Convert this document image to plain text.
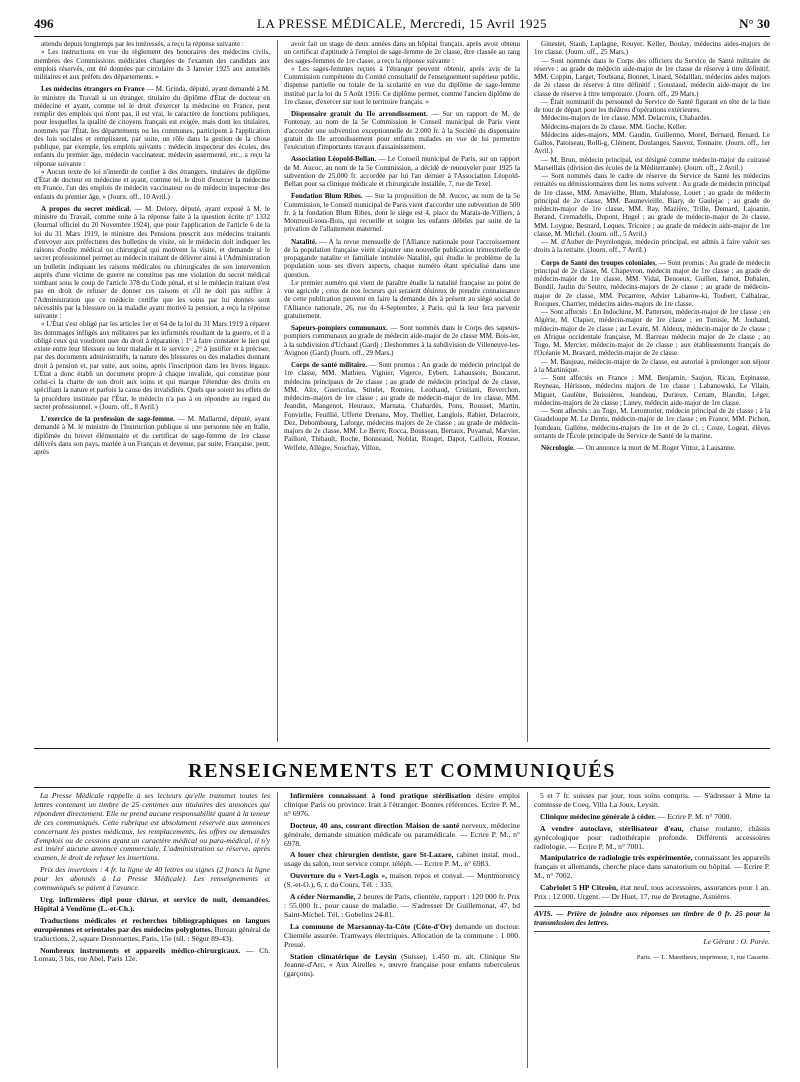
496	LA PRESSE MÉDICALE, Mercredi, 15 Avril 1925	N° 30

attendu depuis longtemps par les intéressés, a reçu la réponse suivante :

« Les instructions en vue du règlement des honoraires des médecins civils, membres des Commissions médicales chargées de l'examen des candidats aux emplois réservés, ont été données par circulaire du 3 Janvier 1925 aux autorités militaires et aux préfets des départements. »

Les médecins étrangers en France — M. Grinda, député, ayant demandé à M. le ministre du Travail si un étranger, titulaire du diplôme d'État de docteur en médecine et ayant, comme tel le droit d'exercer la médecine en France, peut remplir des emplois qui n'ont pas, il est vrai, le caractère de fonctions publiques, pour lesquelles la qualité de citoyens français est exigée, mais dont les titulaires, nommés par l'État, les départements ou les communes, participent à l'application des lois sociales et remplissent, par suite, un rôle dans la gestion de la chose publique, par exemple, les emplois suivants : médecin inspecteur des écoles, des enfants du premier âge, médecin vaccinateur, médecin assermenté, etc., a reçu la réponse suivante :

« Aucun texte de loi n'interdit de confier à des étrangers, titulaires de diplôme d'État de docteur en médecine et ayant, comme tel, le droit d'exercer la médecine en France, l'un des emplois de médecin vaccinateur ou de médecin inspecteur des enfants du premier âge. » (Journ. off., 10 Avril.)

A propos du secret médical. — M. Delory, député, ayant exposé à M. le ministre du Travail, comme suite à la réponse faite à la question écrite n° 1332 (Journal officiel du 20 Novembre 1924), que pour l'application de l'article 6 de la loi du 31 Mars 1919, le ministre des Pensions prescrit aux médecins traitants d'envoyer aux préfectures des bulletins de visite, où le médecin doit indiquer les raisons d'ordre médical ou chirurgical qui motivent la visite, et demande si le secret professionnel permet au médecin traitant de délivrer ainsi à l'Administration un bulletin indiquant les raisons médicales ou chirurgicales de son intervention auprès d'une victime de guerre ne constitue pas une violation du secret médical tombant sous le coup de l'article 378 du Code pénal, et si le médecin traitant n'est pas en droit de refuser de donner ces raisons et s'il ne doit pas suffire à l'Administration que ce médecin certifie que les soins par lui donnés sont nécessités par la blessure ou la maladie ayant motivé la pension, a reçu la réponse suivante :

« L'État s'est obligé par les articles 1er et 64 de la loi du 31 Mars 1919 à réparer les dommages infligés aux militaires par les infirmités résultant de la guerre, et il a obligé ceux qui voudront user du droit à réparation : 1° à faire constater le lien qui existe entre leur blessure ou leur maladie et le service ; 2° à justifier et à préciser, par des documents administratifs, la nature des blessures ou des maladies donnant droit à pension et, par suite, aux soins, après l'inscription dans les livres légaux. L'État a donc établi un document propre à chaque invalide, qui constitue pour celui-ci la charte de son droit aux soins et qui marque l'étendue des droits en spécifiant la nature et parfois la cause des invalidités. Quels que soient les effets de la procédure instituée par l'État, le médecin n'a pas à en répondre au regard du secret professionnel. » (Journ. off., 8 Avril.)

L'exercice de la profession de sage-femme. — M. Mallarmé, député, ayant demandé à M. le ministre de l'Instruction publique si une personne née en Italie, diplômée du brevet élémentaire et du certificat de sage-femme de 1re classe délivrés dans son pays, mariée à un Français et devenue, par suite, Française, peut, après

avoir fait un stage de deux années dans un hôpital français, après avoir obtenu un certificat d'aptitude à l'emploi de sage-femme de 2e classe, être classée au rang des sages-femmes de 1re classe, a reçu la réponse suivante :

« Les sages-femmes reçues à l'étranger peuvent obtenir, après avis de la Commission compétente du Comité consultatif de l'enseignement supérieur public, dispense partielle ou totale de la scolarité en vue du diplôme de sage-femme institué par la loi du 5 Août 1916. Ce diplôme permet, comme l'ancien diplôme de 1re classe, d'exercer sur tout le territoire français. »

Dispensaire gratuit du IIe arrondissement. — Sur un rapport de M. de Fontenay, au nom de la 5e Commission le Conseil municipal de Paris vient d'accorder une subvention exceptionnelle de 2.000 fr. à la Société du dispensaire gratuit du IIe arrondissement pour enfants malades en vue de lui permettre l'exécution d'importants travaux d'assainissement.

Association Léopold-Bellan. — Le Conseil municipal de Paris, sur un rapport de M. Aucoc, au nom de la 5e Commission, a décidé de renouveler pour 1925 la subvention de 25.000 fr. accordée par lui l'an dernier à l'Association Léopold-Bellan pour sa clinique médicale et chirurgicale installée, 7, rue de Texel.

Fondation Blum Ribes. — Sur la proposition de M. Aucoc, au nom de la 5e Commission, le Conseil municipal de Paris vient d'accorder une subvention de 500 fr. à la fondation Blum Ribes, dont le siège est 4, place du Marais-de-Villiers, à Montreuil-sous-Bois, qui recueille et soigne les enfants débiles par suite de la privation de l'allaitement maternel.

Natalité. — A la revue mensuelle de l'Alliance nationale pour l'accroissement de la population française vient s'ajouter une nouvelle publication trimestrielle de propagande natalite et familiale intitulée Natalité, qui étudie le problème de la population sous ses divers aspects, chaque numéro étant spécialisé dans une question.

Le premier numéro qui vient de paraître étudie la natalité française au point de vue agricole ; ceux de nos lecteurs qui seraient désireux de prendre connaissance de cette publication peuvent en faire la demande dès à présent au siège social de l'Alliance nationale, 26, rue du 4-Septembre, à Paris, qui la leur fera parvenir gratuitement.

Sapeurs-pompiers communaux. — Sont nommés dans le Corps des sapeurs-pompiers communaux au grade de médecin aide-major de 2e classe MM. Bois-ier, à la subdivision d'Uchaud (Gard) ; Deshommes à la subdivision de Villeneuve-les-Avignon (Gard) (Journ. off., 29 Mars.)

Corps de santé militaire. — Sont promus : Au grade de médecin principal de 1re classe, MM. Mathieu, Vignier, Vigerce, Eybert, Lahaussois, Boucarut, médecins principaux de 2e classe ; au grade de médecin principal de 2e classe, MM. Alix, Guericolas, Stitelet, Romieu, Leothaud, Cristiani, Reverchon, médecins-majors de 1re classe ; au grade de médecin-major de 1re classe, MM. Jeandin, Mangenot, Heuraux, Marnata, Chabardès, Pons, Roussel, Martin, Fonvielle, Feuillié, Ufferte Drenans, Moy, Thellier, Langlois, Rabier, Delacroix, Dez, Debombourg, Laforge, médecins majors de 2e classe ; au grade de médecin-majors de 2e classe, MM. Le Berre, Rocca, Bousseau, Bertaux, Puyamal, Marvier, Pailloré, Thibault, Roche, Bonneaud, Noblat, Rouget, Dapot, Cailloix, Rousse, Welfele, Allègre, Souchay, Villon,

Ginestet, Staub, Laplagne, Rouyer, Keller, Boulay, médecins aides-majors de 1re classe. (Journ. off., 25 Mars.)

— Sont nommés dans le Corps des officiers du Service de Santé militaire de réserve : au grade de médecin aide-major de 1re classe de réserve à titre définitif, MM. Coppin, Larget, Toubiana, Bonnet, Linard, Sédaillan, médecins aides majors de 2e classe de réserve à titre définitif ; Goustaud, médecin aide-major de 1re classe de réserve à titre temporaire. (Journ. off., 29 Mars.)

— Était nominatif du personnel du Service de Santé figurant en tête de la liste de tour de départ pour les théâtres d'opérations extérieures.

Médecins-majors de 1re classe. MM. Delacroix, Chabardes.

Médecins-majors de 2e classe. MM. Goche, Keller.

Médecins aides-majors, MM. Gaudin, Guillermo, Morel, Bernard, Renard, Le Gallos, Patoiseau, Rolli-g, Clément, Doulanges, Sauvez, Tonnaire. (Journ. off., 1er Avril.)

— M. Brun, médecin principal, est désigné comme médecin-major du cuirassé Marseillais (division des écoles de la Méditerranée). (Journ. off., 2 Avril.)

— Sont nommés dans le cadre de réserve du Service de Santé les médecins retraités ou démissionnaires dont les noms suivent : Au grade de médecin principal de 1re classe, MM. Amavielhe, Blum, Malafosse, Louet ; au grade de médecin principal de 2e classe, MM. Baumevieille, Biary, de Gaulejac ; au grade de médecin-major de 1re classe, MM. Ray, Mazière, Trille, Demard, Lajoanie, Berand, Cremadells, Dupont, Hugel ; au grade de médecin-major de 2e classe, MM. Loygue, Besnard, Leques, Tricoire ; au grade de médecin aide-major de 1re classe, M. Michel. (Journ. off., 5 Avril.)

— M. d'Auber de Peyrelongue, médecin principal, est admis à faire valoir ses droits à la retraite. (Journ. off., 7 Avril.)

Corps de Santé des troupes coloniales. — Sont promus : Au grade de médecin principal de 2e classe, M. Chapeyron, médecin major de 1re classe ; au grade de médecin-major de 1re classe, MM. Vidal, Denoeux, Guillen, Jamot, Dubalen, Bondil, Jaulin du Seutre, médecins-majors de 2e classe ; au grade de médecin-major de 2e classe, MM. Pecarrere, Advier Labarow-ki, Toubert, Calbairac, Rocques, Charrier, médecins aides-majors de 1re classe.

— Sont affectés : En Indochine, M. Patterson, médecin-major de 1re classe ; en Algérie, M. Clapier, médecin-major de 1re classe ; en Tunisie, M. Jouhand, médecin-major de 2e classe ; au Levant, M. Aldeux, médecin-major de 2e classe ; en Afrique occidentale française, M. Barreau médecin major de 2e classe ; au Togo, M. Mercier, médecin-major de 2e classe ; aux établissements français de l'Océanie M. Bravard, médecin-major de 2e classe.

— M. Baujeau, médecin-major de 2e classe, est autorisé à prolonger son séjour à la Martinique.

— Sont affectés en France : MM. Benjamin, Saujon, Ricau, Espinasse, Reyneau, Hérisson, médecins majors de 1re classe ; Labanowski, Le Vilain, Miguet, Gaulène, Buissières, Jeandeau, Durieux, Certam, Blandin, Léger, médecins-majors de 2e classe ; Laney, médecin aide-major de 1re classe.

— Sont affectés : au Togo, M. Letonturier, médecin principal de 2e classe ; à la Guadeloupe M. Le Dentu, médecin-major de 1re classe ; en France, MM. Pichon, Jeandeau, Gallène, médecins-majors de 1re et de 2e cl. ; Coste, Logeat, élèves sortants de l'École principale du Service de Santé de la marine.

Nécrologie. — On annonce la mort de M. Roger Vittoz, à Lausanne.

RENSEIGNEMENTS ET COMMUNIQUÉS

La Presse Médicale rappelle à ses lecteurs qu'elle transmet toutes les lettres contenant un timbre de 25 centimes aux titulaires des annonces qui répondent directement. Elle ne prend aucune responsabilité quant à la teneur de ces communiqués. Cette rubrique est absolument réservée aux annonces concernant les postes médicaux, les remplacements, les offres ou demandes d'emplois ou de cessions ayant un caractère médical ou para-médical, il n'y est inséré aucune annonce commerciale. L'administration se réserve, après examen, le droit de refuser les insertions.

Prix des insertions : 4 fr. la ligne de 40 lettres ou signes (2 francs la ligne pour les abonnés à La Presse Médicale). Les renseignements et communiqués se paient à l'avance.

Urg. infirmières dipl pour chirur. et service de nuit, demandées. Hôpital à Vendôme (L.-et-Ch.).

Traductions médicales et recherches bibliographiques en langues européennes et orientales par des médecins polyglottes. Bureau général de traductions, 2, square Desnouettes, Paris, 15e (tél. : Ségur 89-43).

Nombreux instruments et appareils médico-chirurgicaux. — Ch. Loreau, 3 bis, rue Abel, Paris 12e.

Infirmière connaissant à fond pratique stérilisation désire emploi clinique Paris ou province. Irait à l'étranger. Bonnes références. Ecrire P. M., n° 6976.

Docteur, 40 ans, courant direction Maison de santé nerveux, médecine générale, demande situation médicale ou paramédicale. — Ecrire P. M., n° 6978.

A louer chez chirurgien dentiste, gare St-Lazare, cabinet instal. mod., usage du salon, tout service compr. téléph. — Ecrire P. M., n° 6983.

Ouverture du « Vert-Logis », maison repos et conval. — Montmorency (S.-et-O.), 6, r. du Cours, Tél. : 335.

A céder Normandie, 2 heures de Paris, clientèle, rapport : 120 000 fr. Prix : 55.000 fr., pour cause de maladie. — S'adresser Dr Guillemonat, 47, bd Saint-Michel. Tél. : Gobelins 24-81.

La commune de Marsannay-la-Côte (Côte-d'Or) demande un docteur. Clientèle assurée. Tramways électriques. Allocation de la commune : 1 000. Pressé.

Station climatérique de Leysin (Suisse), 1.450 m. alt. Clinique Ste Jeanne-d'Arc, « Aux Airelles », œuvre française pour enfants tuberculeux (garçons).

5 et 7 fr. suisses par jour, tous soins compris. — S'adresser à Mme la comtesse de Coeq, Villa La Joux, Leysin.

Clinique médecine générale à céder. — Ecrire P. M. n° 7000.

A vendre autoclave, stérilisateur d'eau, chaise roulante, châssis gynécologique pour radiothérapie profonde. Différents accessoires radiologie. — Ecrire P. M., n° 7001.

Manipulatrice de radiologie très expérimentée, connaissant les appareils français et allemands, cherche place dans sanatorium ou hôpital. — Ecrire P. M., n° 7002.

Cabriolet 5 HP Citroën, état neuf, tous accessoires, assurances pour 1 an. Prix : 12.000. Urgent. — Dr Huet, 17, rue de Bretagne, Asnières.

AVIS. — Prière de joindre aux réponses un timbre de 0 fr. 25 pour la transmission des lettres.

Le Gérant : O. Porée.

Paris. — L. Maretheux, imprimeur, 1, rue Cassette.
